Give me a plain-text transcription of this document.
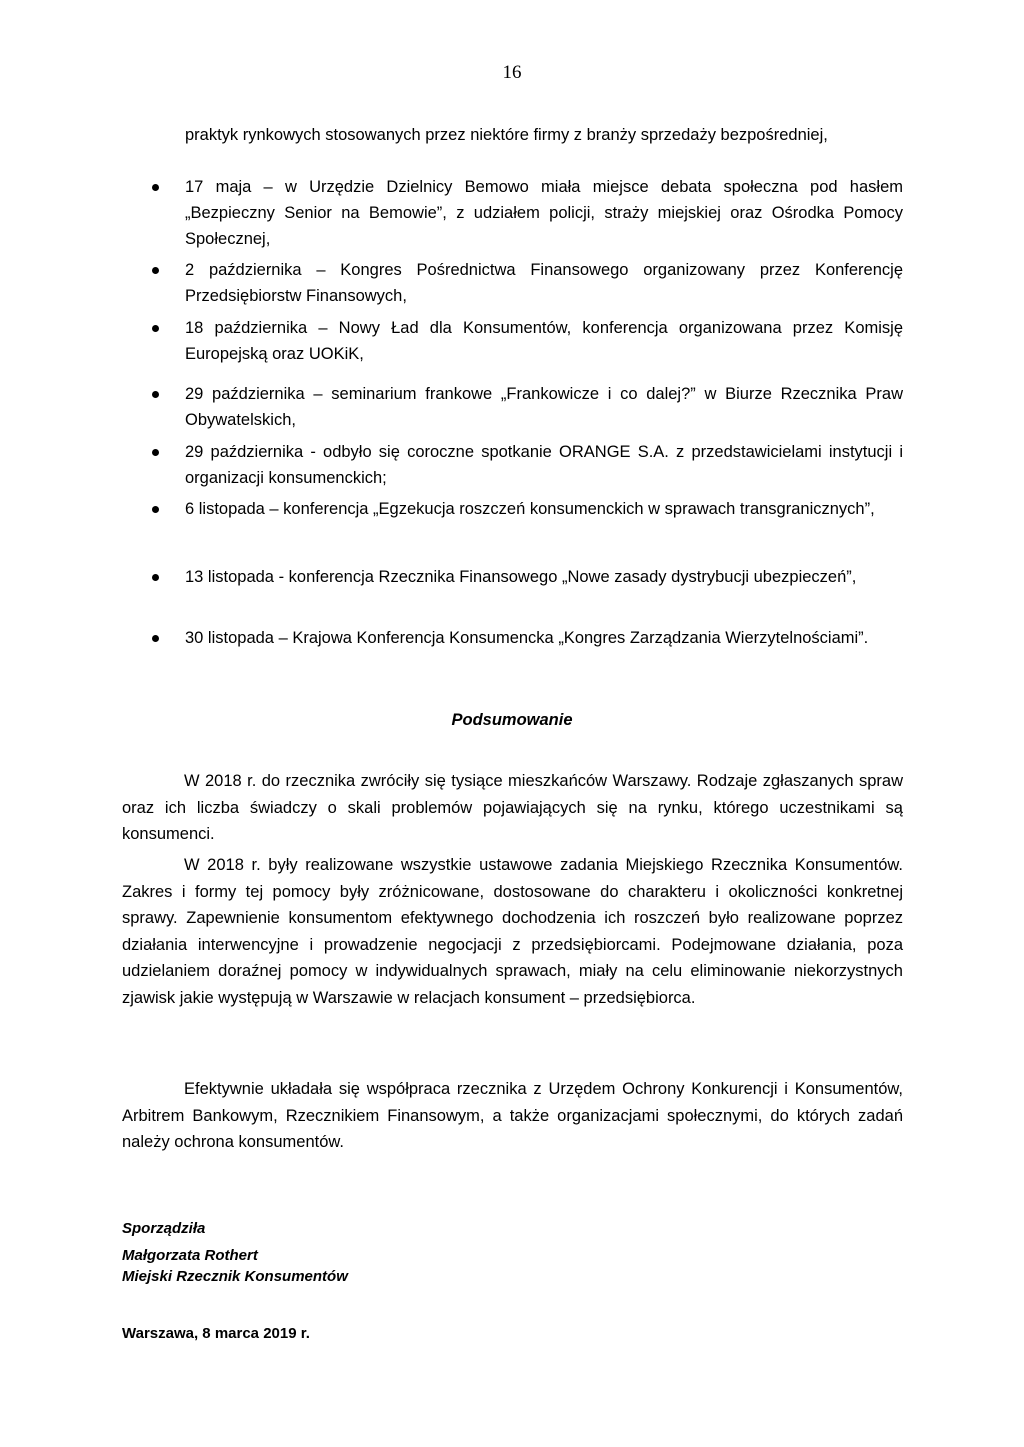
16
praktyk rynkowych stosowanych przez niektóre firmy z branży sprzedaży bezpośredniej,
17 maja – w Urzędzie Dzielnicy Bemowo miała miejsce debata społeczna pod hasłem „Bezpieczny Senior na Bemowie”, z udziałem policji, straży miejskiej oraz Ośrodka Pomocy Społecznej,
2 października – Kongres Pośrednictwa Finansowego organizowany przez Konferencję Przedsiębiorstw Finansowych,
18 października – Nowy Ład dla Konsumentów, konferencja organizowana przez Komisję Europejską oraz UOKiK,
29 października – seminarium frankowe „Frankowicze i co dalej?” w Biurze Rzecznika Praw Obywatelskich,
29 października - odbyło się coroczne spotkanie ORANGE S.A. z przedstawicielami instytucji i organizacji konsumenckich;
6 listopada – konferencja „Egzekucja roszczeń konsumenckich w sprawach transgranicznych”,
13 listopada - konferencja Rzecznika Finansowego „Nowe zasady dystrybucji ubezpieczeń”,
30 listopada – Krajowa Konferencja Konsumencka „Kongres Zarządzania Wierzytelnościami”.
Podsumowanie
W 2018 r. do rzecznika zwróciły się tysiące mieszkańców Warszawy. Rodzaje zgłaszanych spraw oraz ich liczba świadczy o skali problemów pojawiających się na rynku, którego uczestnikami są konsumenci.
W 2018 r. były realizowane wszystkie ustawowe zadania Miejskiego Rzecznika Konsumentów. Zakres i formy tej pomocy były zróżnicowane, dostosowane do charakteru i okoliczności konkretnej sprawy. Zapewnienie konsumentom efektywnego dochodzenia ich roszczeń było realizowane poprzez działania interwencyjne i prowadzenie negocjacji z przedsiębiorcami. Podejmowane działania, poza udzielaniem doraźnej pomocy w indywidualnych sprawach, miały na celu eliminowanie niekorzystnych zjawisk jakie występują w Warszawie w relacjach konsument – przedsiębiorca.
Efektywnie układała się współpraca rzecznika z Urzędem Ochrony Konkurencji i Konsumentów, Arbitrem Bankowym, Rzecznikiem Finansowym, a także organizacjami społecznymi, do których zadań należy ochrona konsumentów.
Sporządziła
Małgorzata Rothert
Miejski Rzecznik Konsumentów
Warszawa, 8 marca 2019 r.
